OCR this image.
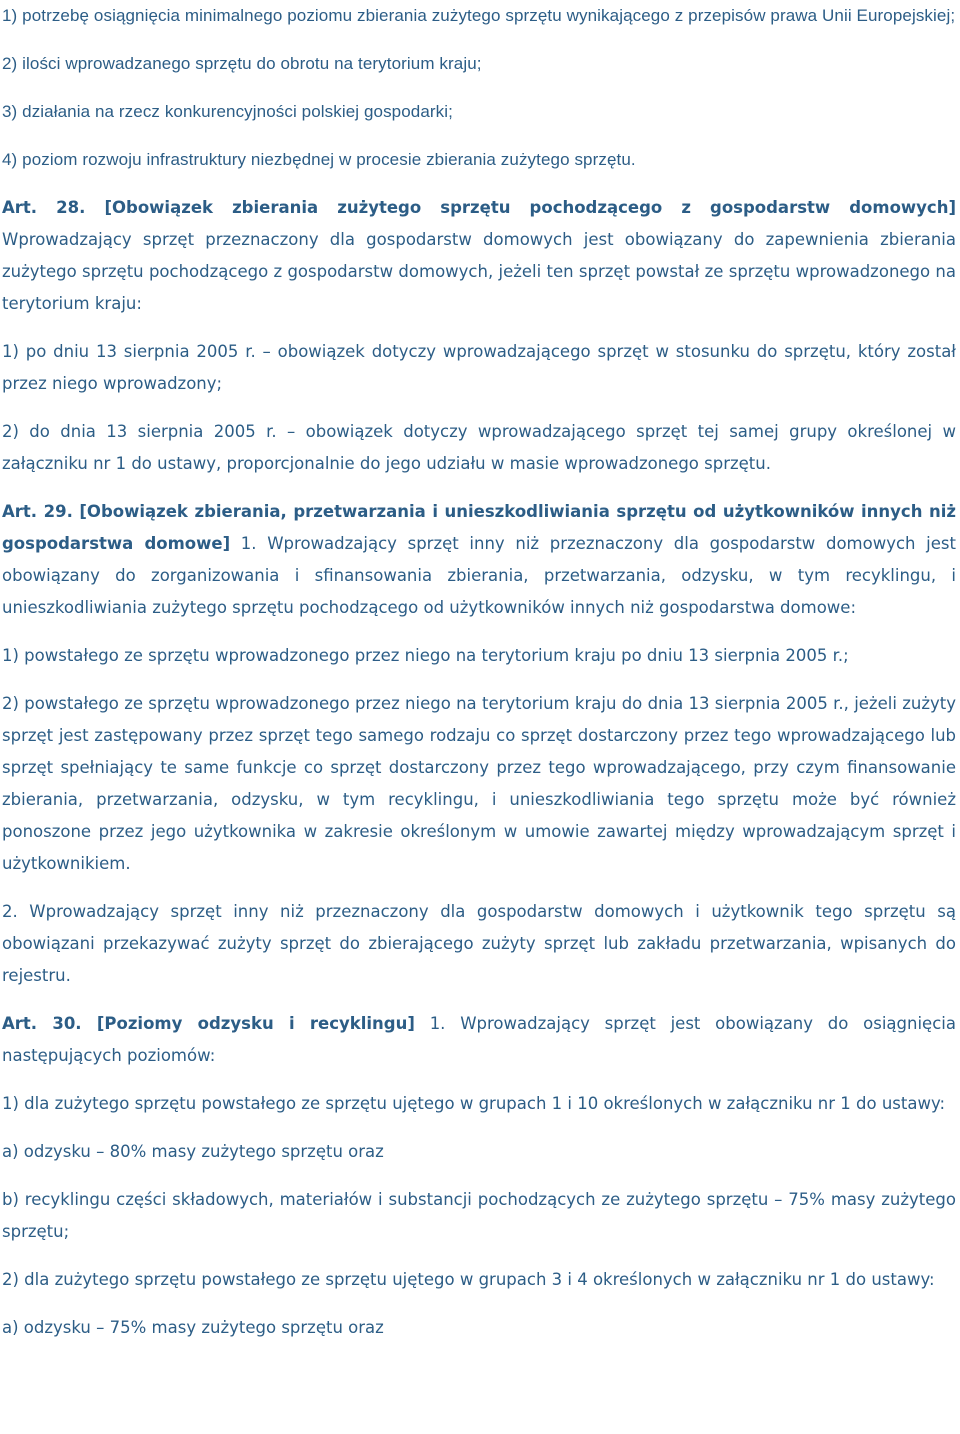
1) potrzebę osiągnięcia minimalnego poziomu zbierania zużytego sprzętu wynikającego z przepisów prawa Unii Europejskiej;

2) ilości wprowadzanego sprzętu do obrotu na terytorium kraju;

3) działania na rzecz konkurencyjności polskiej gospodarki;

4) poziom rozwoju infrastruktury niezbędnej w procesie zbierania zużytego sprzętu.

Art. 28. [Obowiązek zbierania zużytego sprzętu pochodzącego z gospodarstw domowych] Wprowadzający sprzęt przeznaczony dla gospodarstw domowych jest obowiązany do zapewnienia zbierania zużytego sprzętu pochodzącego z gospodarstw domowych, jeżeli ten sprzęt powstał ze sprzętu wprowadzonego na terytorium kraju:

1) po dniu 13 sierpnia 2005 r. – obowiązek dotyczy wprowadzającego sprzęt w stosunku do sprzętu, który został przez niego wprowadzony;

2) do dnia 13 sierpnia 2005 r. – obowiązek dotyczy wprowadzającego sprzęt tej samej grupy określonej w załączniku nr 1 do ustawy, proporcjonalnie do jego udziału w masie wprowadzonego sprzętu.

Art. 29. [Obowiązek zbierania, przetwarzania i unieszkodliwiania sprzętu od użytkowników innych niż gospodarstwa domowe] 1. Wprowadzający sprzęt inny niż przeznaczony dla gospodarstw domowych jest obowiązany do zorganizowania i sfinansowania zbierania, przetwarzania, odzysku, w tym recyklingu, i unieszkodliwiania zużytego sprzętu pochodzącego od użytkowników innych niż gospodarstwa domowe:

1) powstałego ze sprzętu wprowadzonego przez niego na terytorium kraju po dniu 13 sierpnia 2005 r.;

2) powstałego ze sprzętu wprowadzonego przez niego na terytorium kraju do dnia 13 sierpnia 2005 r., jeżeli zużyty sprzęt jest zastępowany przez sprzęt tego samego rodzaju co sprzęt dostarczony przez tego wprowadzającego lub sprzęt spełniający te same funkcje co sprzęt dostarczony przez tego wprowadzającego, przy czym finansowanie zbierania, przetwarzania, odzysku, w tym recyklingu, i unieszkodliwiania tego sprzętu może być również ponoszone przez jego użytkownika w zakresie określonym w umowie zawartej między wprowadzającym sprzęt i użytkownikiem.

2. Wprowadzający sprzęt inny niż przeznaczony dla gospodarstw domowych i użytkownik tego sprzętu są obowiązani przekazywać zużyty sprzęt do zbierającego zużyty sprzęt lub zakładu przetwarzania, wpisanych do rejestru.

Art. 30. [Poziomy odzysku i recyklingu] 1. Wprowadzający sprzęt jest obowiązany do osiągnięcia następujących poziomów:

1) dla zużytego sprzętu powstałego ze sprzętu ujętego w grupach 1 i 10 określonych w załączniku nr 1 do ustawy:

a) odzysku – 80% masy zużytego sprzętu oraz

b) recyklingu części składowych, materiałów i substancji pochodzących ze zużytego sprzętu – 75% masy zużytego sprzętu;

2) dla zużytego sprzętu powstałego ze sprzętu ujętego w grupach 3 i 4 określonych w załączniku nr 1 do ustawy:

a) odzysku – 75% masy zużytego sprzętu oraz
